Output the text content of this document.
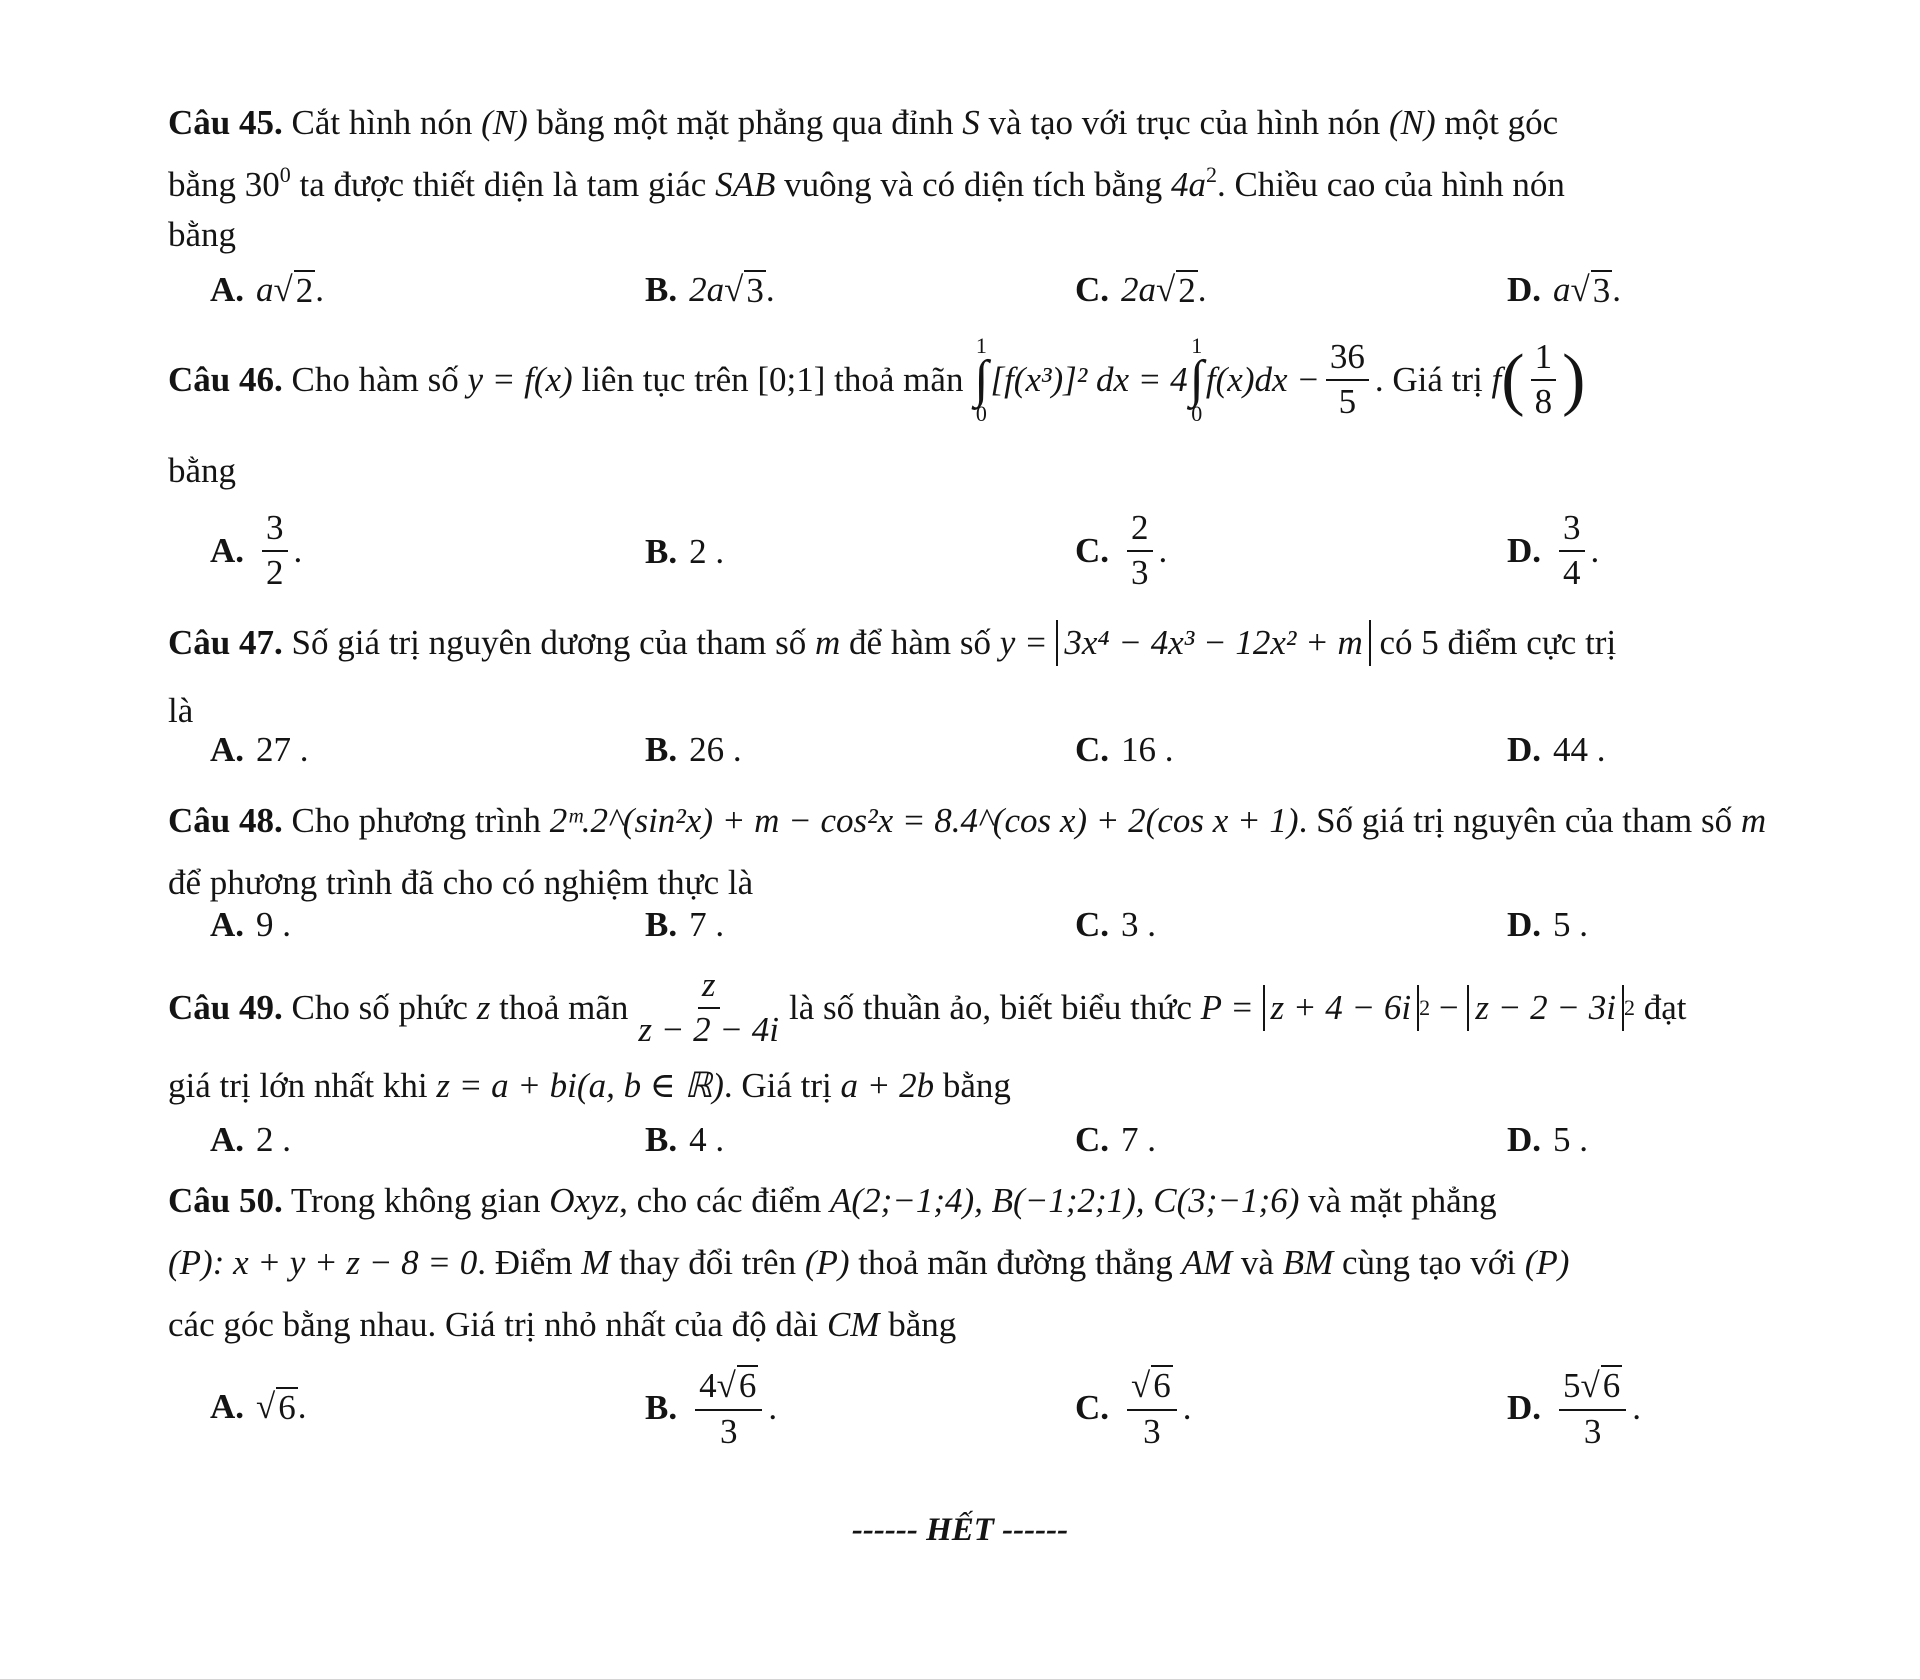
Câu 45. Cắt hình nón (N) bằng một mặt phẳng qua đỉnh S và tạo với trục của hình nón (N) một góc
bằng $30^0$ ta được thiết diện là tam giác SAB vuông và có diện tích bằng $4a^2$. Chiều cao của hình nón
bằng
A. a √ 2 .	B. 2a √ 3 .	C. 2a √ 2 .	D. a √ 3 .
Câu 46.
Cho hàm số
y = f(x)
liên tục trên
[0;1]
thoả mãn

1
∫
0
[f(x³)]² dx = 4
1
∫
0
$f(x)dx - \frac{36}{5}$ . Giá trị
f ( $\frac{1}{8}$ )
bằng
A. $\frac{3}{2}$ .	B. 2 .	C. $\frac{2}{3}$ .	D. $\frac{3}{4}$ .
Câu 47.
Số giá trị nguyên dương của tham số
m
để hàm số
y =
3x⁴ − 4x³ − 12x² + m
có 5 điểm cực trị
là
A. 27 .	B. 26 .	C. 16 .	D. 44 .
Câu 48. Cho phương trình 2ᵐ.2^(sin²x) + m − cos²x = 8.4^(cos x) + 2(cos x + 1). Số giá trị nguyên của tham số m
để phương trình đã cho có nghiệm thực là
A. 9 .	B. 7 .	C. 3 .	D. 5 .
Câu 49.
Cho số phức
z
thoả mãn $\frac{z}{z - 2 - 4i}$ là số thuần ảo, biết biểu thức
P =
z + 4 − 6i 2
−
z − 2 − 3i 2
đạt
giá trị lớn nhất khi z = a + bi(a, b ∈ ℝ). Giá trị a + 2b bằng
A. 2 .	B. 4 .	C. 7 .	D. 5 .
Câu 50. Trong không gian Oxyz, cho các điểm A(2;−1;4), B(−1;2;1), C(3;−1;6) và mặt phẳng
(P): x + y + z − 8 = 0. Điểm M thay đổi trên (P) thoả mãn đường thẳng AM và BM cùng tạo với (P)
các góc bằng nhau. Giá trị nhỏ nhất của độ dài CM bằng
A. √ 6 .	B. $\frac{4√6}{3}$ .	C. $\frac{√6}{3}$ .	D. $\frac{5√6}{3}$ .
------ HẾT ------
